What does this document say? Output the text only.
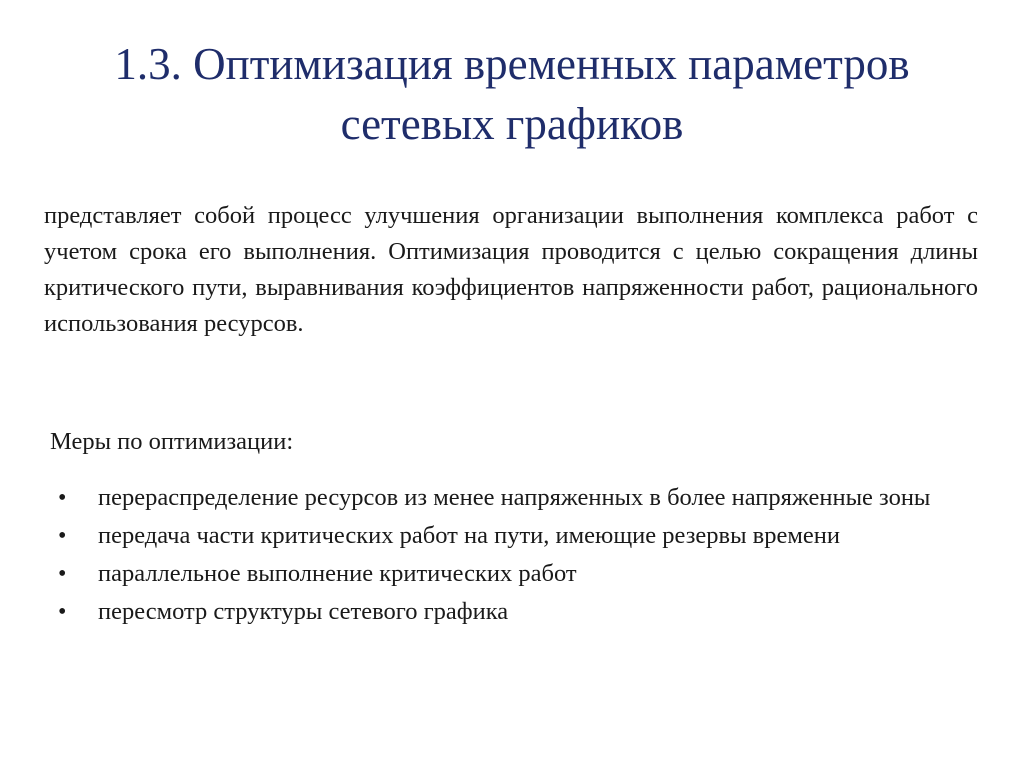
1.3. Оптимизация временных параметров
сетевых графиков

представляет собой процесс улучшения организации выполнения комплекса работ с учетом срока его выполнения. Оптимизация проводится с целью сокращения длины критического пути, выравнивания коэффициентов напряженности работ, рационального использования ресурсов.

Меры по оптимизации:

• перераспределение ресурсов из менее напряженных в более напряженные зоны
• передача части критических работ на пути, имеющие резервы времени
• параллельное выполнение критических работ
• пересмотр структуры сетевого графика
